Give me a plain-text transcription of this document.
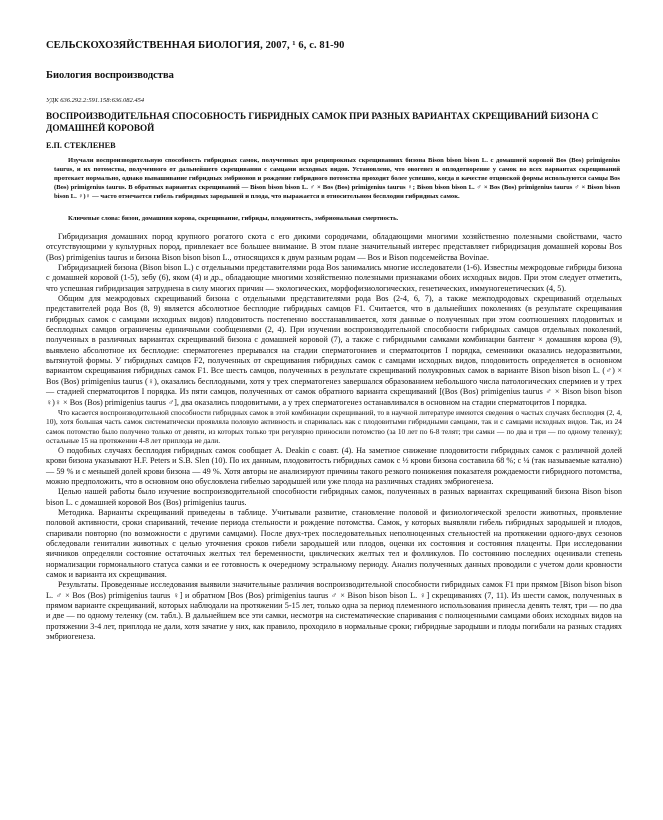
СЕЛЬСКОХОЗЯЙСТВЕННАЯ БИОЛОГИЯ, 2007, ¹ 6, с. 81-90
Биология воспроизводства
УДК 636.292.2:591.158:636.082.454
ВОСПРОИЗВОДИТЕЛЬНАЯ СПОСОБНОСТЬ ГИБРИДНЫХ САМОК ПРИ РАЗНЫХ ВАРИАНТАХ СКРЕЩИВАНИЙ БИЗОНА С ДОМАШНЕЙ КОРОВОЙ
Е.П. СТЕКЛЕНЕВ
Изучали воспроизводительную способность гибридных самок, полученных при реципрокных скрещиваниях бизона Bison bison bison L. с домашней коровой Bos (Bos) primigenius taurus, и их потомства, полученного от дальнейшего скрещивания с самцами исходных видов. Установлено, что овогенез и оплодотворение у самок во всех вариантах скрещиваний протекает нормально, однако вынашивание гибридных эмбрионов и рождение гибридного потомства проходит более успешно, когда в качестве отцовской формы используются самцы Bos (Bos) primigenius taurus. В обратных вариантах скрещиваний — Bison bison bison L. ♂ × Bos (Bos) primigenius taurus ♀; Bison bison bison L. ♂ × Bos (Bos) primigenius taurus ♂ × Bison bison bison L. ♀)♀ — часто отмечается гибель гибридных зародышей и плода, что выражается в относительном бесплодии гибридных самок.
Ключевые слова: бизон, домашняя корова, скрещивание, гибриды, плодовитость, эмбриональная смертность.

Гибридизация домашних пород крупного рогатого скота с его дикими сородичами, обладающими многими хозяйственно полезными свойствами, часто отсутствующими у культурных пород, привлекает все большее внимание. В этом плане значительный интерес представляет гибридизация домашней коровы Bos (Bos) primigenius taurus и бизона Bison bison bison L., относящихся к двум разным родам — Bos и Bison подсемейства Bovinae.

Гибридизацией бизона (Bison bison L.) с отдельными представителями рода Bos занимались многие исследователи (1-6). Известны межродовые гибриды бизона с домашней коровой (1-5), зебу (6), яком (4) и др., обладающие многими хозяйственно полезными признаками обоих исходных видов. При этом следует отметить, что успешная гибридизация затруднена в силу многих причин — экологических, морфофизиологических, генетических, иммуногенетических (4, 5).

Общим для межродовых скрещиваний бизона с отдельными представителями рода Bos (2-4, 6, 7), а также межподродовых скрещиваний отдельных представителей рода Bos (8, 9) является абсолютное бесплодие гибридных самцов F1. Считается, что в дальнейших поколениях (в результате скрещивания гибридных самок с самцами исходных видов) плодовитость постепенно восстанавливается, хотя данные о полученных при этом соотношениях плодовитых и бесплодных самцов ограничены единичными сообщениями (2, 4). При изучении воспроизводительной способности гибридных самцов отдельных поколений, полученных в различных вариантах скрещиваний бизона с домашней коровой (7), а также с гибридными самками комбинации бантенг × домашняя корова (9), выявлено абсолютное их бесплодие: сперматогенез прерывался на стадии сперматогониев и сперматоцитов I порядка, семенники оказались недоразвитыми, вытянутой формы. У гибридных самцов F2, полученных от скрещивания гибридных самок с самцами исходных видов, плодовитость определяется в основном вариантом скрещивания гибридных самок F1. Все шесть самцов, полученных в результате скрещиваний полукровных самок в варианте Bison bison bison L. (♂) × Bos (Bos) primigenius taurus (♀), оказались бесплодными, хотя у трех сперматогенез завершался образованием небольшого числа патологических спермиев и у трех — стадией сперматоцитов I порядка. Из пяти самцов, полученных от самок обратного варианта скрещиваний [(Bos (Bos) primigenius taurus ♂ × Bison bison bison ♀)♀ × Bos (Bos) primigenius taurus ♂], два оказались плодовитыми, а у трех сперматогенез останавливался в основном на стадии сперматоцитов I порядка.

Что касается воспроизводительной способности гибридных самок в этой комбинации скрещиваний, то в научной литературе имеются сведения о частых случаях бесплодия (2, 4, 10), хотя большая часть самок систематически проявляла половую активность и спаривалась как с плодовитыми гибридными самцами, так и с самцами исходных видов. Так, из 24 самок потомство было получено только от девяти, из которых только три регулярно приносили потомство (за 10 лет по 6-8 телят; три самки — по два и три — по одному теленку); остальные 15 на протяжении 4-8 лет приплода не дали.

О подобных случаях бесплодия гибридных самок сообщает A. Deakin с соавт. (4). На заметное снижение плодовитости гибридных самок с различной долей крови бизона указывают H.F. Peters и S.B. Slen (10). По их данным, плодовитость гибридных самок с ½ крови бизона составила 68 %; с ¼ (так называемые катално) — 59 % и с меньшей долей крови бизона — 49 %. Хотя авторы не анализируют причины такого резкого понижения показателя рождаемости гибридного потомства, можно предположить, что в основном оно обусловлена гибелью зародышей или уже плода на различных стадиях эмбриогенеза.

Целью нашей работы было изучение воспроизводительной способности гибридных самок, полученных в разных вариантах скрещиваний бизона Bison bison bison L. с домашней коровой Bos (Bos) primigenius taurus.

Методика. Варианты скрещиваний приведены в таблице. Учитывали развитие, становление половой и физиологической зрелости животных, проявление половой активности, сроки спариваний, течение периода стельности и рождение потомства. Самок, у которых выявляли гибель гибридных зародышей и плодов, спаривали повторно (по возможности с другими самцами). После двух-трех последовательных неполноценных стельностей на протяжении одного-двух сезонов обследовали гениталии животных с целью уточнения сроков гибели зародышей или плодов, оценки их состояния и состояния плаценты. При исследовании яичников определяли состояние остаточных желтых тел беременности, циклических желтых тел и фолликулов. По состоянию последних оценивали степень нормализации гормонального статуса самки и ее готовность к очередному эстральному периоду. Анализ полученных данных проводили с учетом доли кровности самок и варианта их скрещивания.

Результаты. Проведенные исследования выявили значительные различия воспроизводительной способности гибридных самок F1 при прямом [Bison bison bison L. ♂ × Bos (Bos) primigenius taurus ♀] и обратном [Bos (Bos) primigenius taurus ♂ × Bison bison bison L. ♀] скрещиваниях (7, 11). Из шести самок, полученных в прямом варианте скрещиваний, которых наблюдали на протяжении 5-15 лет, только одна за период племенного использования принесла девять телят, три — по два и две — по одному теленку (см. табл.). В дальнейшем все эти самки, несмотря на систематические спаривания с полноценными самцами обоих исходных видов на протяжении 3-4 лет, приплода не дали, хотя зачатие у них, как правило, проходило в нормальные сроки; гибридные зародыши и плоды погибали на разных стадиях эмбриогенеза.
